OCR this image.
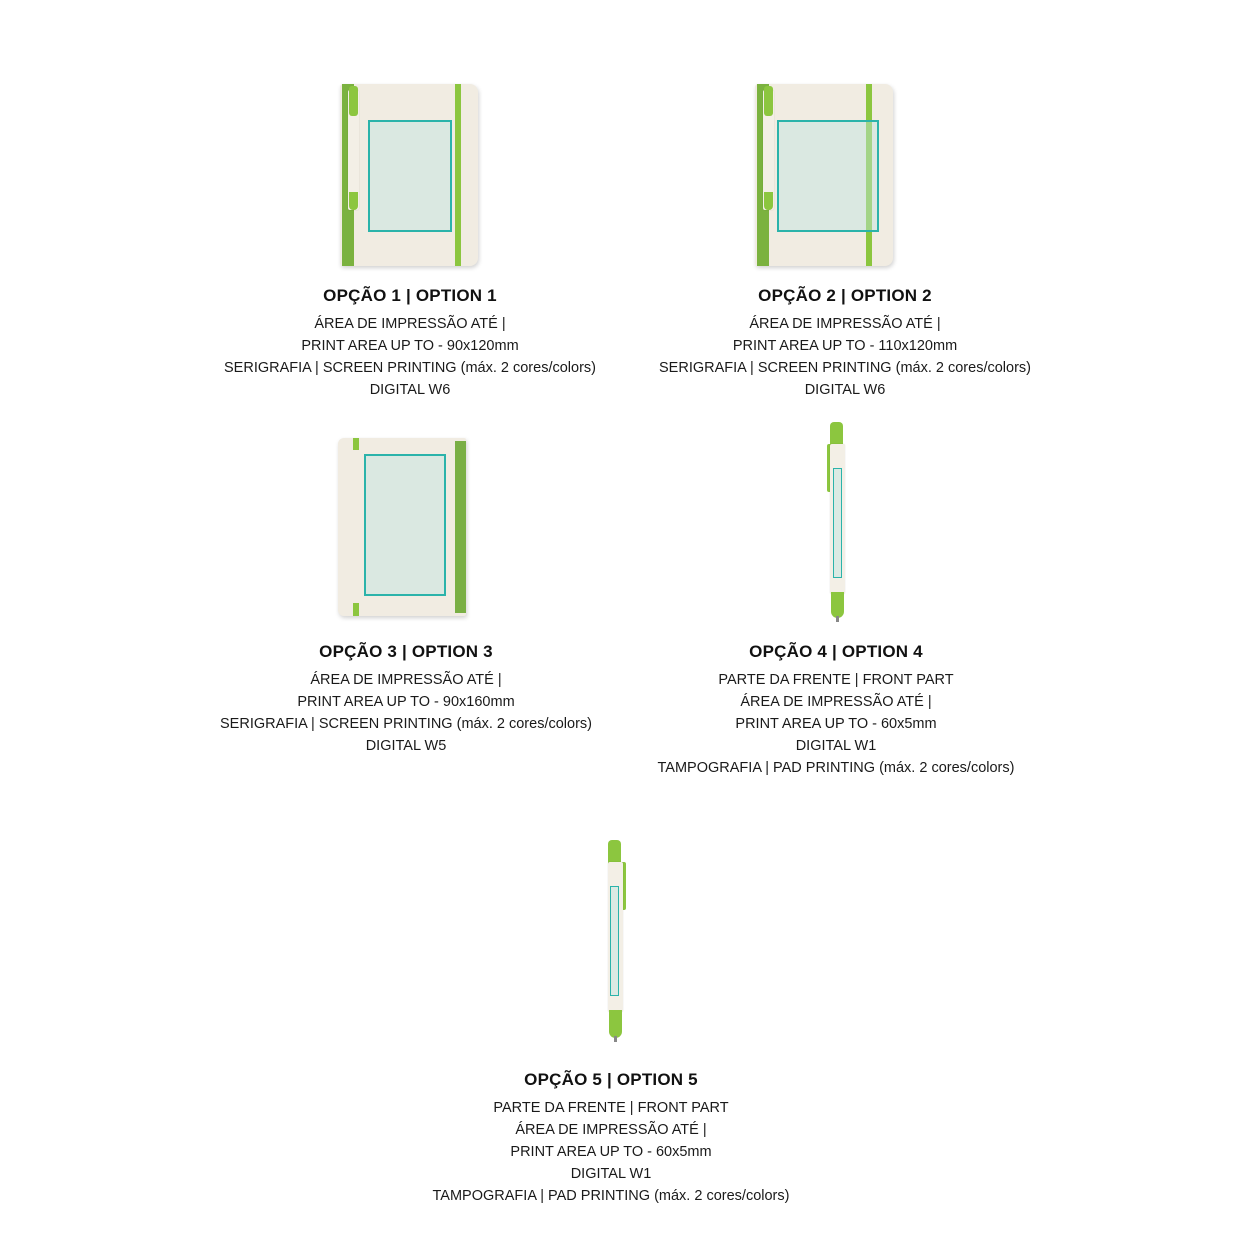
OPÇÃO 1 | OPTION 1
ÁREA DE IMPRESSÃO ATÉ |
PRINT AREA UP TO - 90x120mm
SERIGRAFIA | SCREEN PRINTING (máx. 2 cores/colors)
DIGITAL W6
OPÇÃO 2 | OPTION 2
ÁREA DE IMPRESSÃO ATÉ |
PRINT AREA UP TO - 110x120mm
SERIGRAFIA | SCREEN PRINTING (máx. 2 cores/colors)
DIGITAL W6
OPÇÃO 3 | OPTION 3
ÁREA DE IMPRESSÃO ATÉ |
PRINT AREA UP TO - 90x160mm
SERIGRAFIA | SCREEN PRINTING (máx. 2 cores/colors)
DIGITAL W5
OPÇÃO 4 | OPTION 4
PARTE DA FRENTE | FRONT PART
ÁREA DE IMPRESSÃO ATÉ |
PRINT AREA UP TO - 60x5mm
DIGITAL W1
TAMPOGRAFIA | PAD PRINTING (máx. 2 cores/colors)
OPÇÃO 5 | OPTION 5
PARTE DA FRENTE | FRONT PART
ÁREA DE IMPRESSÃO ATÉ |
PRINT AREA UP TO - 60x5mm
DIGITAL W1
TAMPOGRAFIA | PAD PRINTING (máx. 2 cores/colors)
